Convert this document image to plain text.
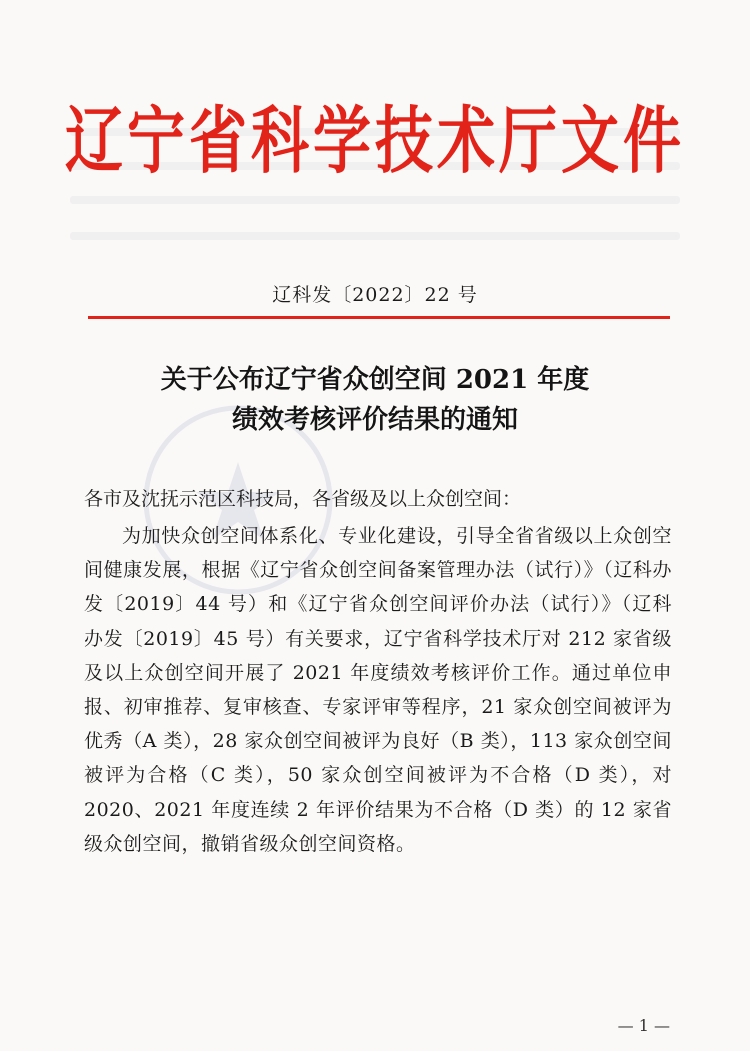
辽宁省科学技术厅文件
辽科发〔2022〕22 号
关于公布辽宁省众创空间 2021 年度
绩效考核评价结果的通知
各市及沈抚示范区科技局，各省级及以上众创空间：

为加快众创空间体系化、专业化建设，引导全省省级以上众创空间健康发展，根据《辽宁省众创空间备案管理办法（试行）》（辽科办发〔2019〕44 号）和《辽宁省众创空间评价办法（试行）》（辽科办发〔2019〕45 号）有关要求，辽宁省科学技术厅对 212 家省级及以上众创空间开展了 2021 年度绩效考核评价工作。通过单位申报、初审推荐、复审核查、专家评审等程序，21 家众创空间被评为优秀（A 类），28 家众创空间被评为良好（B 类），113 家众创空间被评为合格（C 类），50 家众创空间被评为不合格（D 类），对 2020、2021 年度连续 2 年评价结果为不合格（D 类）的 12 家省级众创空间，撤销省级众创空间资格。

— 1 —
